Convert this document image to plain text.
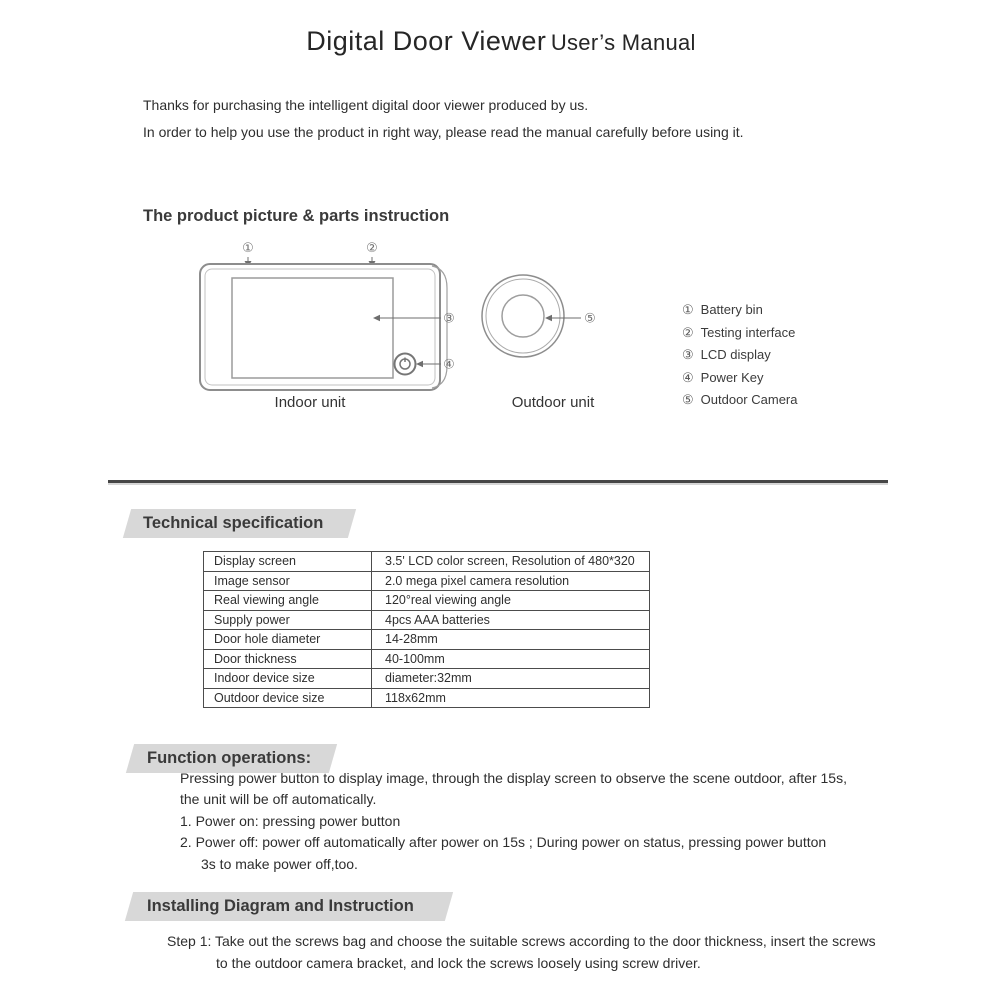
Digital Door Viewer User’s Manual
Thanks for purchasing the intelligent digital door viewer produced by us.
In order to help you use the product in right way, please read the manual carefully before using it.
The product picture & parts instruction
①	②
③
④
⑤
Indoor unit	Outdoor unit
① Battery bin
② Testing interface
③ LCD display
④ Power Key
⑤ Outdoor Camera
Technical specification
Display screen	3.5' LCD color screen, Resolution of 480*320
Image sensor	2.0 mega pixel camera resolution
Real viewing angle	120°real viewing angle
Supply power	4pcs AAA batteries
Door hole diameter	14-28mm
Door thickness	40-100mm
Indoor device size	diameter:32mm
Outdoor device size	118x62mm
Function operations:
Pressing power button to display image, through the display screen to observe the scene outdoor, after 15s,
the unit will be off automatically.
1. Power on: pressing power button
2. Power off: power off automatically after power on 15s ; During power on status, pressing power button
3s to make power off,too.
Installing Diagram and Instruction
Step 1: Take out the screws bag and choose the suitable screws according to the door thickness, insert the screws
to the outdoor camera bracket, and lock the screws loosely using screw driver.
